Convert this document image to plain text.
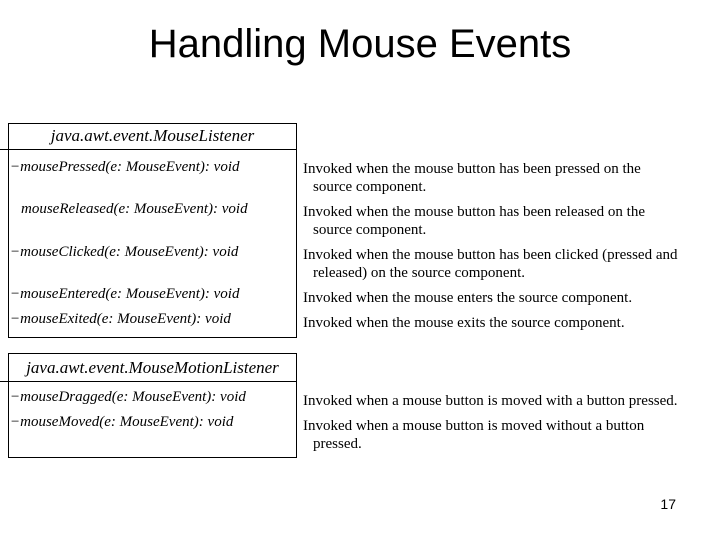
Handling Mouse Events
java.awt.event.MouseListener
−mousePressed(e: MouseEvent): void
mouseReleased(e: MouseEvent): void
−mouseClicked(e: MouseEvent): void
−mouseEntered(e: MouseEvent): void
−mouseExited(e: MouseEvent): void
java.awt.event.MouseMotionListener
−mouseDragged(e: MouseEvent): void
−mouseMoved(e: MouseEvent): void
Invoked when the mouse button has been pressed on the
source component.
Invoked when the mouse button has been released on the
source component.
Invoked when the mouse button has been clicked (pressed and
released) on the source component.
Invoked when the mouse enters the source component.
Invoked when the mouse exits the source component.
Invoked when a mouse button is moved with a button pressed.
Invoked when a mouse button is moved without a button
pressed.
17
